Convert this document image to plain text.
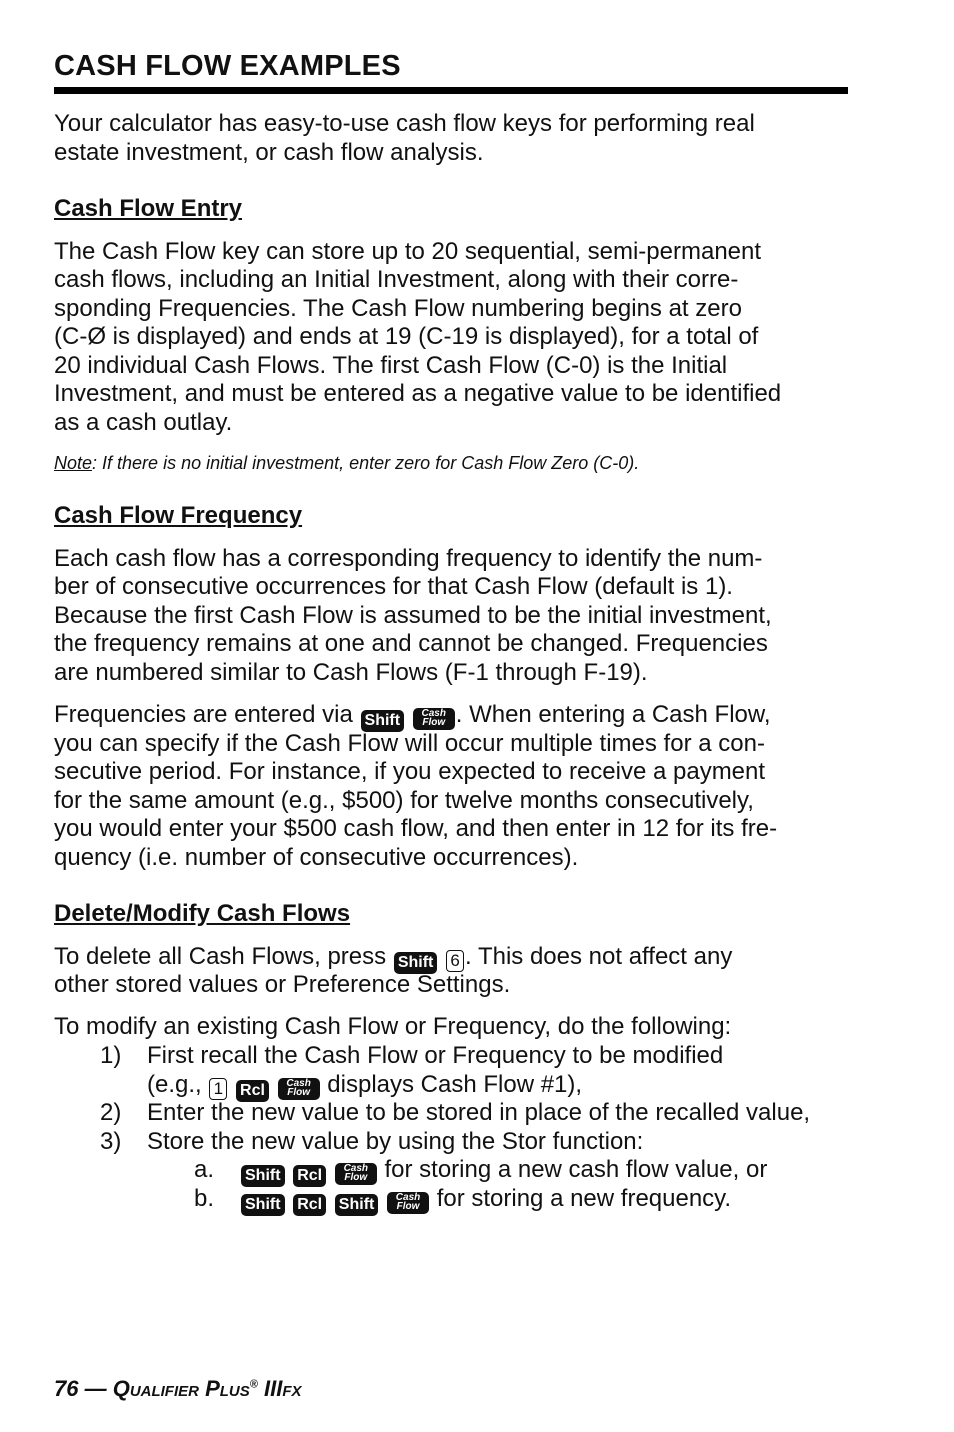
CASH FLOW EXAMPLES

Your calculator has easy-to-use cash flow keys for performing real

estate investment, or cash flow analysis.

Cash Flow Entry

The Cash Flow key can store up to 20 sequential, semi-permanent

cash flows, including an Initial Investment, along with their corre-

sponding Frequencies. The Cash Flow numbering begins at zero

(C-Ø is displayed) and ends at 19 (C-19 is displayed), for a total of

20 individual Cash Flows. The first Cash Flow (C-0) is the Initial

Investment, and must be entered as a negative value to be identified

as a cash outlay.

Note: If there is no initial investment, enter zero for Cash Flow Zero (C-0).

Cash Flow Frequency

Each cash flow has a corresponding frequency to identify the num-

ber of consecutive occurrences for that Cash Flow (default is 1).

Because the first Cash Flow is assumed to be the initial investment,

the frequency remains at one and cannot be changed. Frequencies

are numbered similar to Cash Flows (F-1 through F-19).

Frequencies are entered via Shift	Cash
Flow . When entering a Cash Flow,

you can specify if the Cash Flow will occur multiple times for a con-

secutive period. For instance, if you expected to receive a payment

for the same amount (e.g., $500) for twelve months consecutively,

you would enter your $500 cash flow, and then enter in 12 for its fre-

quency (i.e. number of consecutive occurrences).

Delete/Modify Cash Flows

To delete all Cash Flows, press Shift 6 . This does not affect any

other stored values or Preference Settings.

To modify an existing Cash Flow or Frequency, do the following:

1) First recall the Cash Flow or Frequency to be modified
(e.g., 1 Rcl	Cash
Flow displays Cash Flow #1),
2) Enter the new value to be stored in place of the recalled value,
3) Store the new value by using the Stor function:
a. Shift Rcl	Cash
Flow for storing a new cash flow value, or
b. Shift Rcl Shift	Cash
Flow for storing a new frequency.
76 — Qualifier Plus® IIIfx
